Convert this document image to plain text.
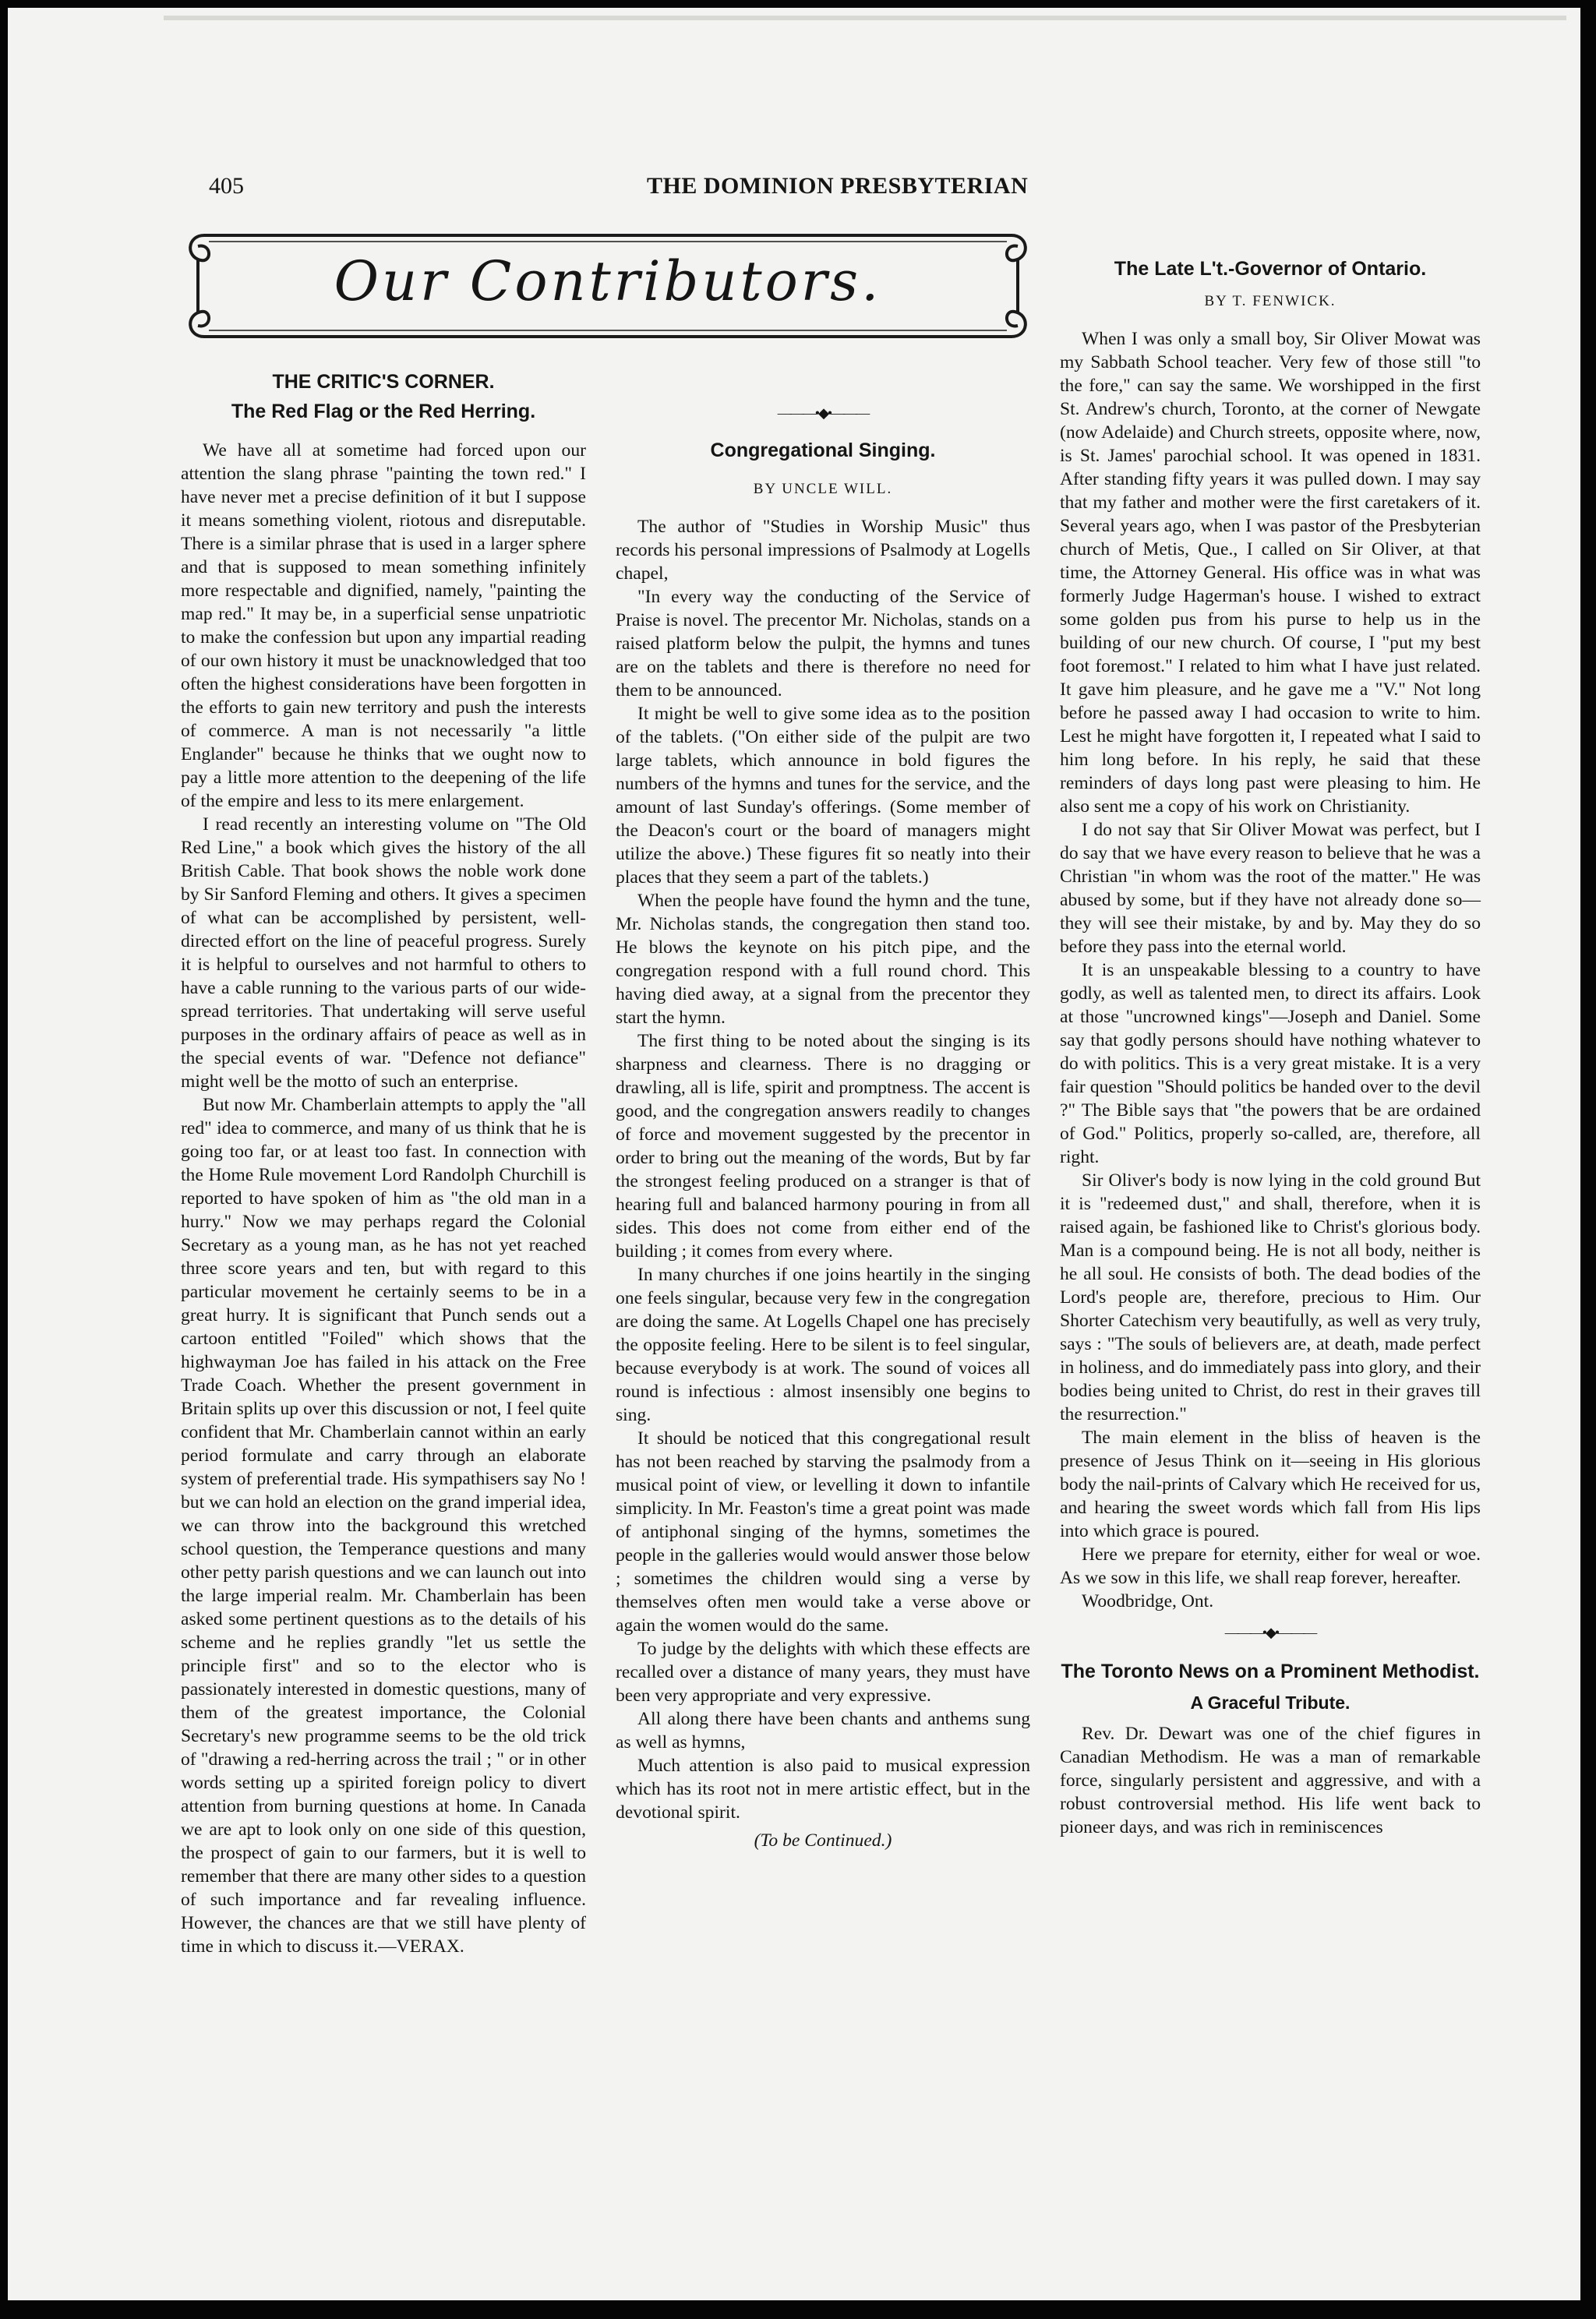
405	THE DOMINION PRESBYTERIAN
Our Contributors.
THE CRITIC'S CORNER.
The Red Flag or the Red Herring.

We have all at sometime had forced upon our attention the slang phrase "painting the town red." I have never met a precise definition of it but I suppose it means something violent, riotous and disreputable. There is a similar phrase that is used in a larger sphere and that is supposed to mean something infinitely more respectable and dignified, namely, "painting the map red." It may be, in a superficial sense unpatriotic to make the confession but upon any impartial reading of our own history it must be unacknowledged that too often the highest considerations have been forgotten in the efforts to gain new territory and push the interests of commerce. A man is not necessarily "a little Englander" because he thinks that we ought now to pay a little more attention to the deepening of the life of the empire and less to its mere enlargement.

I read recently an interesting volume on "The Old Red Line," a book which gives the history of the all British Cable. That book shows the noble work done by Sir Sanford Fleming and others. It gives a specimen of what can be accomplished by persistent, well-directed effort on the line of peaceful progress. Surely it is helpful to ourselves and not harmful to others to have a cable running to the various parts of our wide-spread territories. That undertaking will serve useful purposes in the ordinary affairs of peace as well as in the special events of war. "Defence not defiance" might well be the motto of such an enterprise.

But now Mr. Chamberlain attempts to apply the "all red" idea to commerce, and many of us think that he is going too far, or at least too fast. In connection with the Home Rule movement Lord Randolph Churchill is reported to have spoken of him as "the old man in a hurry." Now we may perhaps regard the Colonial Secretary as a young man, as he has not yet reached three score years and ten, but with regard to this particular movement he certainly seems to be in a great hurry. It is significant that Punch sends out a cartoon entitled "Foiled" which shows that the highwayman Joe has failed in his attack on the Free Trade Coach. Whether the present government in Britain splits up over this discussion or not, I feel quite confident that Mr. Chamberlain cannot within an early period formulate and carry through an elaborate system of preferential trade. His sympathisers say No ! but we can hold an election on the grand imperial idea, we can throw into the background this wretched school question, the Temperance questions and many other petty parish questions and we can launch out into the large imperial realm. Mr. Chamberlain has been asked some pertinent questions as to the details of his scheme and he replies grandly "let us settle the principle first" and so to the elector who is passionately interested in domestic questions, many of them of the greatest importance, the Colonial Secretary's new programme seems to be the old trick of "drawing a red-herring across the trail ; " or in other words setting up a spirited foreign policy to divert attention from burning questions at home. In Canada we are apt to look only on one side of this question, the prospect of gain to our farmers, but it is well to remember that there are many other sides to a question of such importance and far revealing influence. However, the chances are that we still have plenty of time in which to discuss it.—VERAX.

———•◆•———
Congregational Singing.
BY UNCLE WILL.

The author of "Studies in Worship Music" thus records his personal impressions of Psalmody at Logells chapel,

"In every way the conducting of the Service of Praise is novel. The precentor Mr. Nicholas, stands on a raised platform below the pulpit, the hymns and tunes are on the tablets and there is therefore no need for them to be announced.

It might be well to give some idea as to the position of the tablets. ("On either side of the pulpit are two large tablets, which announce in bold figures the numbers of the hymns and tunes for the service, and the amount of last Sunday's offerings. (Some member of the Deacon's court or the board of managers might utilize the above.) These figures fit so neatly into their places that they seem a part of the tablets.)

When the people have found the hymn and the tune, Mr. Nicholas stands, the congregation then stand too. He blows the keynote on his pitch pipe, and the congregation respond with a full round chord. This having died away, at a signal from the precentor they start the hymn.

The first thing to be noted about the singing is its sharpness and clearness. There is no dragging or drawling, all is life, spirit and promptness. The accent is good, and the congregation answers readily to changes of force and movement suggested by the precentor in order to bring out the meaning of the words, But by far the strongest feeling produced on a stranger is that of hearing full and balanced harmony pouring in from all sides. This does not come from either end of the building ; it comes from every where.

In many churches if one joins heartily in the singing one feels singular, because very few in the congregation are doing the same. At Logells Chapel one has precisely the opposite feeling. Here to be silent is to feel singular, because everybody is at work. The sound of voices all round is infectious : almost insensibly one begins to sing.

It should be noticed that this congregational result has not been reached by starving the psalmody from a musical point of view, or levelling it down to infantile simplicity. In Mr. Feaston's time a great point was made of antiphonal singing of the hymns, sometimes the people in the galleries would would answer those below ; sometimes the children would sing a verse by themselves often men would take a verse above or again the women would do the same.

To judge by the delights with which these effects are recalled over a distance of many years, they must have been very appropriate and very expressive.

All along there have been chants and anthems sung as well as hymns,

Much attention is also paid to musical expression which has its root not in mere artistic effect, but in the devotional spirit.

(To be Continued.)
The Late L't.-Governor of Ontario.
BY T. FENWICK.

When I was only a small boy, Sir Oliver Mowat was my Sabbath School teacher. Very few of those still "to the fore," can say the same. We worshipped in the first St. Andrew's church, Toronto, at the corner of Newgate (now Adelaide) and Church streets, opposite where, now, is St. James' parochial school. It was opened in 1831. After standing fifty years it was pulled down. I may say that my father and mother were the first caretakers of it. Several years ago, when I was pastor of the Presbyterian church of Metis, Que., I called on Sir Oliver, at that time, the Attorney General. His office was in what was formerly Judge Hagerman's house. I wished to extract some golden pus from his purse to help us in the building of our new church. Of course, I "put my best foot foremost." I related to him what I have just related. It gave him pleasure, and he gave me a "V." Not long before he passed away I had occasion to write to him. Lest he might have forgotten it, I repeated what I said to him long before. In his reply, he said that these reminders of days long past were pleasing to him. He also sent me a copy of his work on Christianity.

I do not say that Sir Oliver Mowat was perfect, but I do say that we have every reason to believe that he was a Christian "in whom was the root of the matter." He was abused by some, but if they have not already done so—they will see their mistake, by and by. May they do so before they pass into the eternal world.

It is an unspeakable blessing to a country to have godly, as well as talented men, to direct its affairs. Look at those "uncrowned kings"—Joseph and Daniel. Some say that godly persons should have nothing whatever to do with politics. This is a very great mistake. It is a very fair question "Should politics be handed over to the devil ?" The Bible says that "the powers that be are ordained of God." Politics, properly so-called, are, therefore, all right.

Sir Oliver's body is now lying in the cold ground But it is "redeemed dust," and shall, therefore, when it is raised again, be fashioned like to Christ's glorious body. Man is a compound being. He is not all body, neither is he all soul. He consists of both. The dead bodies of the Lord's people are, therefore, precious to Him. Our Shorter Catechism very beautifully, as well as very truly, says : "The souls of believers are, at death, made perfect in holiness, and do immediately pass into glory, and their bodies being united to Christ, do rest in their graves till the resurrection."

The main element in the bliss of heaven is the presence of Jesus Think on it—seeing in His glorious body the nail-prints of Calvary which He received for us, and hearing the sweet words which fall from His lips into which grace is poured.

Here we prepare for eternity, either for weal or woe. As we sow in this life, we shall reap forever, hereafter.

Woodbridge, Ont.

———•◆•———
The Toronto News on a Prominent Methodist.
A Graceful Tribute.

Rev. Dr. Dewart was one of the chief figures in Canadian Methodism. He was a man of remarkable force, singularly persistent and aggressive, and with a robust controversial method. His life went back to pioneer days, and was rich in reminiscences
